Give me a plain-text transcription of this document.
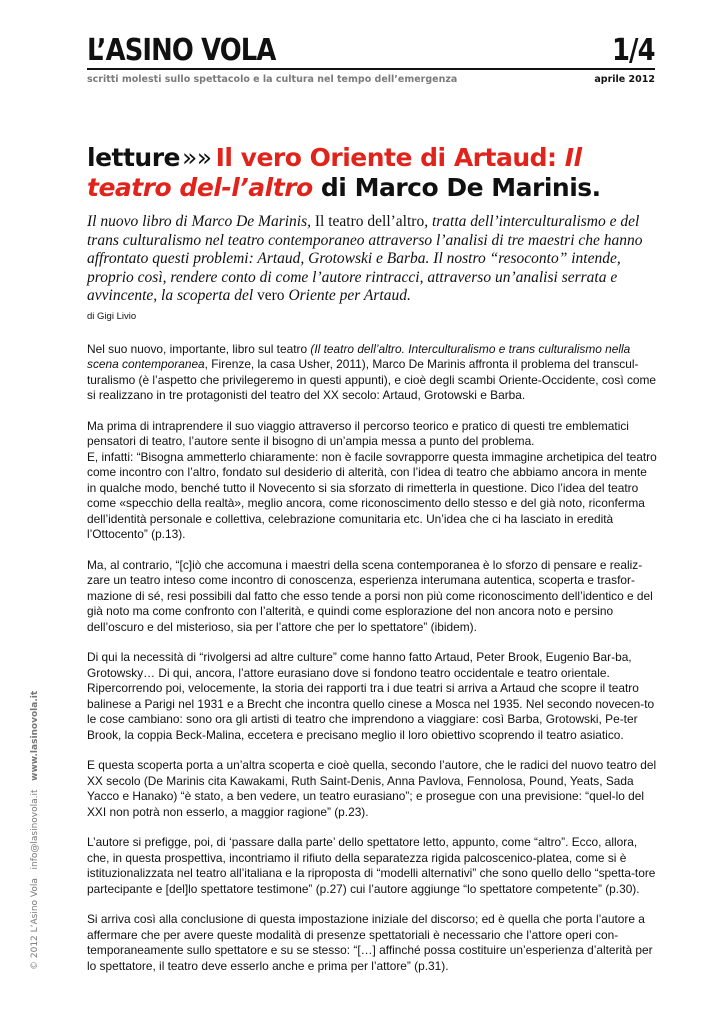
L’ASINO VOLA	1/4
scritti molesti sullo spettacolo e la cultura nel tempo dell’emergenza	aprile 2012
© 2012 L’Asino Vola   info@lasinovola.it   www.lasinovola.it
letture»» Il vero Oriente di Artaud: Il teatro del-l’altro di Marco De Marinis.

Il nuovo libro di Marco De Marinis, Il teatro dell’altro, tratta dell’interculturalismo e del trans culturalismo nel teatro contemporaneo attraverso l’analisi di tre maestri che hanno affrontato questi problemi: Artaud, Grotowski e Barba. Il nostro “resoconto” intende, proprio così, rendere conto di come l’autore rintracci, attraverso un’analisi serrata e avvincente, la scoperta del vero Oriente per Artaud.

di Gigi Livio

Nel suo nuovo, importante, libro sul teatro (Il teatro dell’altro. Interculturalismo e trans culturalismo nella scena contemporanea, Firenze, la casa Usher, 2011), Marco De Marinis affronta il problema del transcul-turalismo (è l’aspetto che privilegeremo in questi appunti), e cioè degli scambi Oriente-Occidente, così come si realizzano in tre protagonisti del teatro del XX secolo: Artaud, Grotowski e Barba.

Ma prima di intraprendere il suo viaggio attraverso il percorso teorico e pratico di questi tre emblematici pensatori di teatro, l’autore sente il bisogno di un’ampia messa a punto del problema.

E, infatti: “Bisogna ammetterlo chiaramente: non è facile sovrapporre questa immagine archetipica del teatro come incontro con l’altro, fondato sul desiderio di alterità, con l’idea di teatro che abbiamo ancora in mente in qualche modo, benché tutto il Novecento si sia sforzato di rimetterla in questione. Dico l’idea del teatro come «specchio della realtà», meglio ancora, come riconoscimento dello stesso e del già noto, riconferma dell’identità personale e collettiva, celebrazione comunitaria etc. Un’idea che ci ha lasciato in eredità l’Ottocento” (p.13).

Ma, al contrario, “[c]iò che accomuna i maestri della scena contemporanea è lo sforzo di pensare e realiz-zare un teatro inteso come incontro di conoscenza, esperienza interumana autentica, scoperta e trasfor-mazione di sé, resi possibili dal fatto che esso tende a porsi non più come riconoscimento dell’identico e del già noto ma come confronto con l’alterità, e quindi come esplorazione del non ancora noto e persino dell’oscuro e del misterioso, sia per l’attore che per lo spettatore” (ibidem).

Di qui la necessità di “rivolgersi ad altre culture” come hanno fatto Artaud, Peter Brook, Eugenio Bar-ba, Grotowsky… Di qui, ancora, l’attore eurasiano dove si fondono teatro occidentale e teatro orientale. Ripercorrendo poi, velocemente, la storia dei rapporti tra i due teatri si arriva a Artaud che scopre il teatro balinese a Parigi nel 1931 e a Brecht che incontra quello cinese a Mosca nel 1935. Nel secondo novecen-to le cose cambiano: sono ora gli artisti di teatro che imprendono a viaggiare: così Barba, Grotowski, Pe-ter Brook, la coppia Beck-Malina, eccetera e precisano meglio il loro obiettivo scoprendo il teatro asiatico.

E questa scoperta porta a un’altra scoperta e cioè quella, secondo l’autore, che le radici del nuovo teatro del XX secolo (De Marinis cita Kawakami, Ruth Saint-Denis, Anna Pavlova, Fennolosa, Pound, Yeats, Sada Yacco e Hanako) “è stato, a ben vedere, un teatro eurasiano”; e prosegue con una previsione: “quel-lo del XXI non potrà non esserlo, a maggior ragione” (p.23).

L’autore si prefigge, poi, di ‘passare dalla parte’ dello spettatore letto, appunto, come “altro”. Ecco, allora, che, in questa prospettiva, incontriamo il rifiuto della separatezza rigida palcoscenico-platea, come si è istituzionalizzata nel teatro all’italiana e la riproposta di “modelli alternativi” che sono quello dello “spetta-tore partecipante e [del]lo spettatore testimone” (p.27) cui l’autore aggiunge “lo spettatore competente” (p.30).

Si arriva così alla conclusione di questa impostazione iniziale del discorso; ed è quella che porta l’autore a affermare che per avere queste modalità di presenze spettatoriali è necessario che l’attore operi con-temporaneamente sullo spettatore e su se stesso: “[…] affinché possa costituire un’esperienza d’alterità per lo spettatore, il teatro deve esserlo anche e prima per l’attore” (p.31).
